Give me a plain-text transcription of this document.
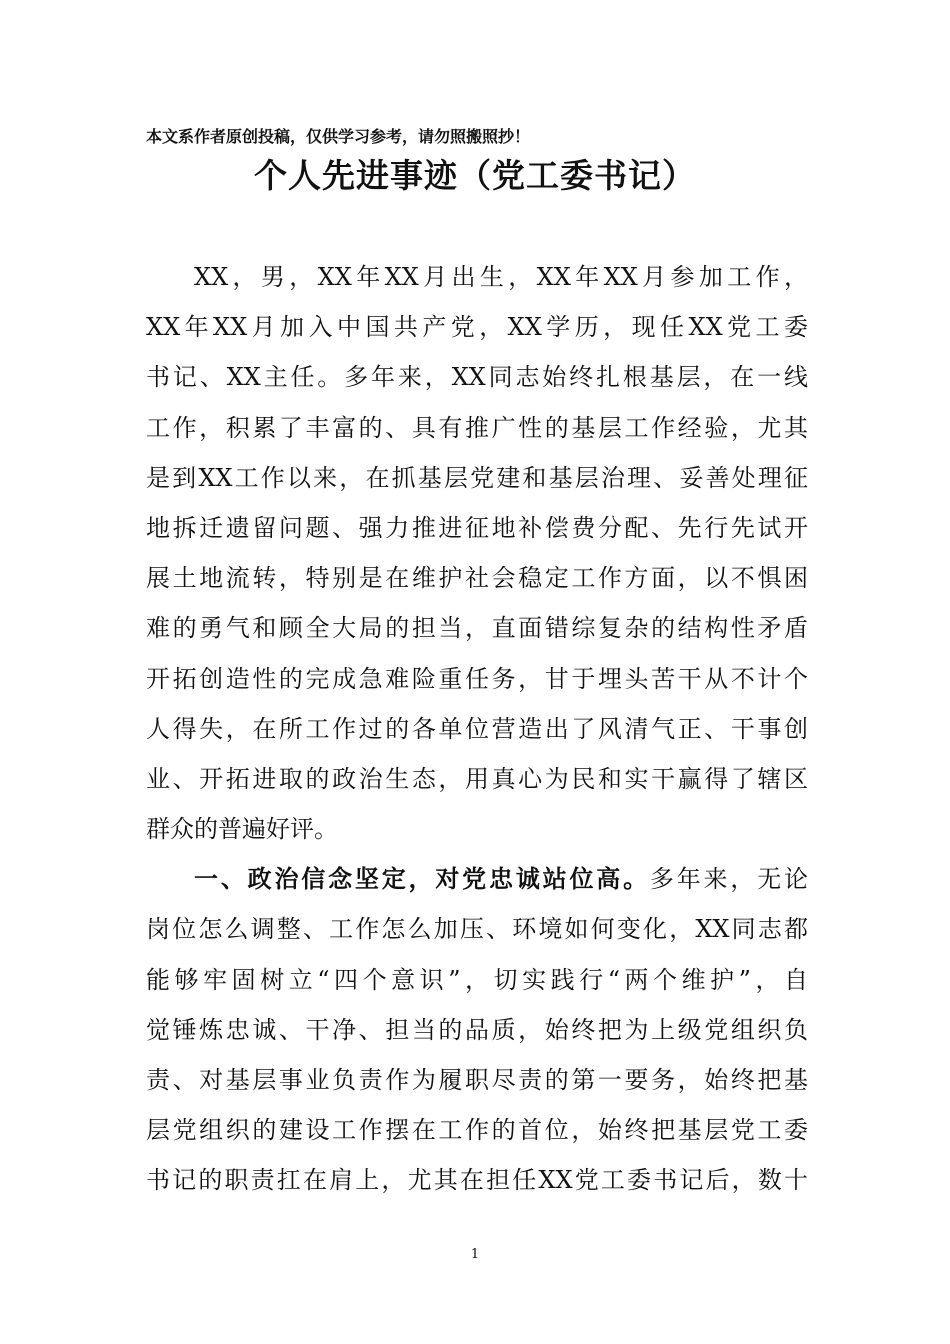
本文系作者原创投稿，仅供学习参考，请勿照搬照抄！
个人先进事迹（党工委书记）
XX，男，XX年XX月出生，XX年XX月参加工作，
XX年XX月加入中国共产党，XX学历，现任XX党工委
书记、XX主任。多年来，XX同志始终扎根基层，在一线
工作，积累了丰富的、具有推广性的基层工作经验，尤其
是到XX工作以来，在抓基层党建和基层治理、妥善处理征
地拆迁遗留问题、强力推进征地补偿费分配、先行先试开
展土地流转，特别是在维护社会稳定工作方面，以不惧困
难的勇气和顾全大局的担当，直面错综复杂的结构性矛盾
开拓创造性的完成急难险重任务，甘于埋头苦干从不计个
人得失，在所工作过的各单位营造出了风清气正、干事创
业、开拓进取的政治生态，用真心为民和实干赢得了辖区
群众的普遍好评。
一、政治信念坚定，对党忠诚站位高。多年来，无论
岗位怎么调整、工作怎么加压、环境如何变化，XX同志都
能够牢固树立“四个意识”，切实践行“两个维护”，自
觉锤炼忠诚、干净、担当的品质，始终把为上级党组织负
责、对基层事业负责作为履职尽责的第一要务，始终把基
层党组织的建设工作摆在工作的首位，始终把基层党工委
书记的职责扛在肩上，尤其在担任XX党工委书记后，数十
1
